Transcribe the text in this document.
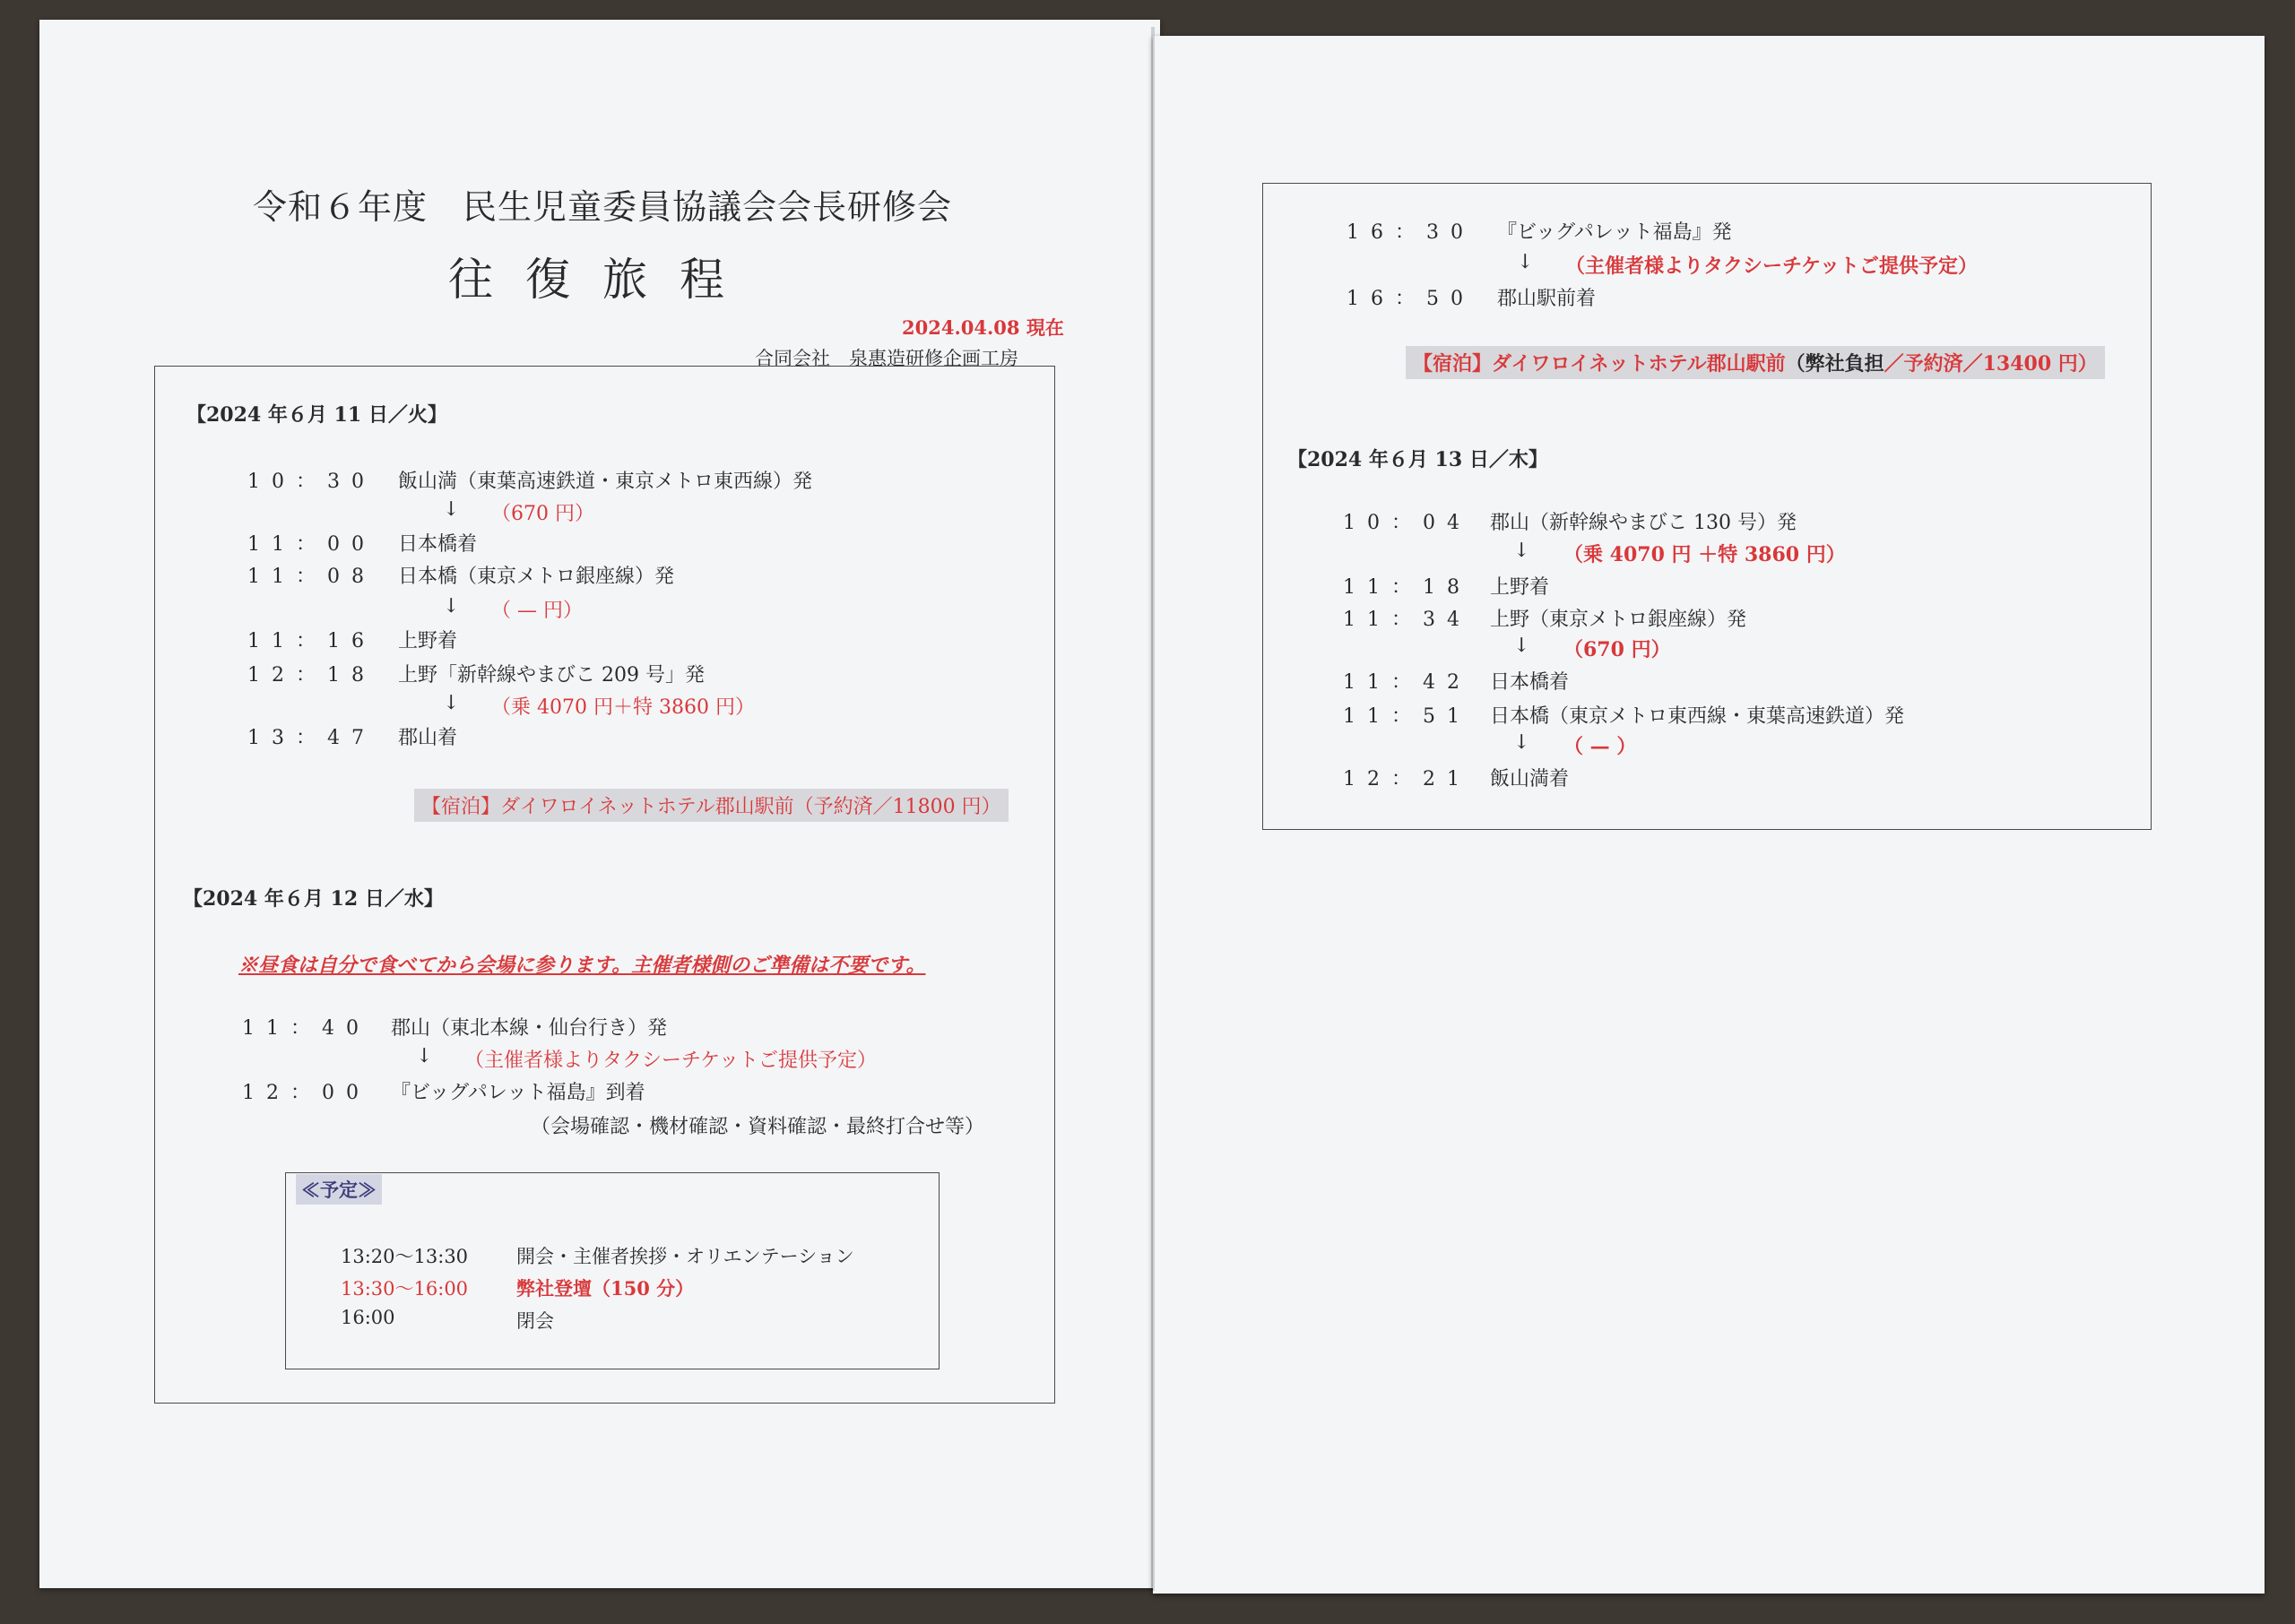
令和６年度　民生児童委員協議会会長研修会
往復旅程
2024.04.08 現在
合同会社　泉惠造研修企画工房
【2024 年６月 11 日／火】
10：30 飯山満（東葉高速鉄道・東京メトロ東西線）発
↓ （670 円）
11：00 日本橋着
11：08 日本橋（東京メトロ銀座線）発
↓ （ — 円）
11：16 上野着
12：18 上野「新幹線やまびこ 209 号」発
↓ （乗 4070 円＋特 3860 円）
13：47 郡山着
【宿泊】ダイワロイネットホテル郡山駅前（予約済／11800 円）
【2024 年６月 12 日／水】
※昼食は自分で食べてから会場に参ります。主催者様側のご準備は不要です。
11：40 郡山（東北本線・仙台行き）発
↓ （主催者様よりタクシーチケットご提供予定）
12：00 『ビッグパレット福島』到着
（会場確認・機材確認・資料確認・最終打合せ等）
≪予定≫
13:20～13:30	開会・主催者挨拶・オリエンテーション
13:30～16:00	弊社登壇（150 分）
16:00	閉会
16：30 『ビッグパレット福島』発
↓ （主催者様よりタクシーチケットご提供予定）
16：50 郡山駅前着
【宿泊】ダイワロイネットホテル郡山駅前（弊社負担／予約済／13400 円）
【2024 年６月 13 日／木】
10：04 郡山（新幹線やまびこ 130 号）発
↓ （乗 4070 円 ＋特 3860 円）
11：18 上野着
11：34 上野（東京メトロ銀座線）発
↓ （670 円）
11：42 日本橋着
11：51 日本橋（東京メトロ東西線・東葉高速鉄道）発
↓ （ — ）
12：21 飯山満着
